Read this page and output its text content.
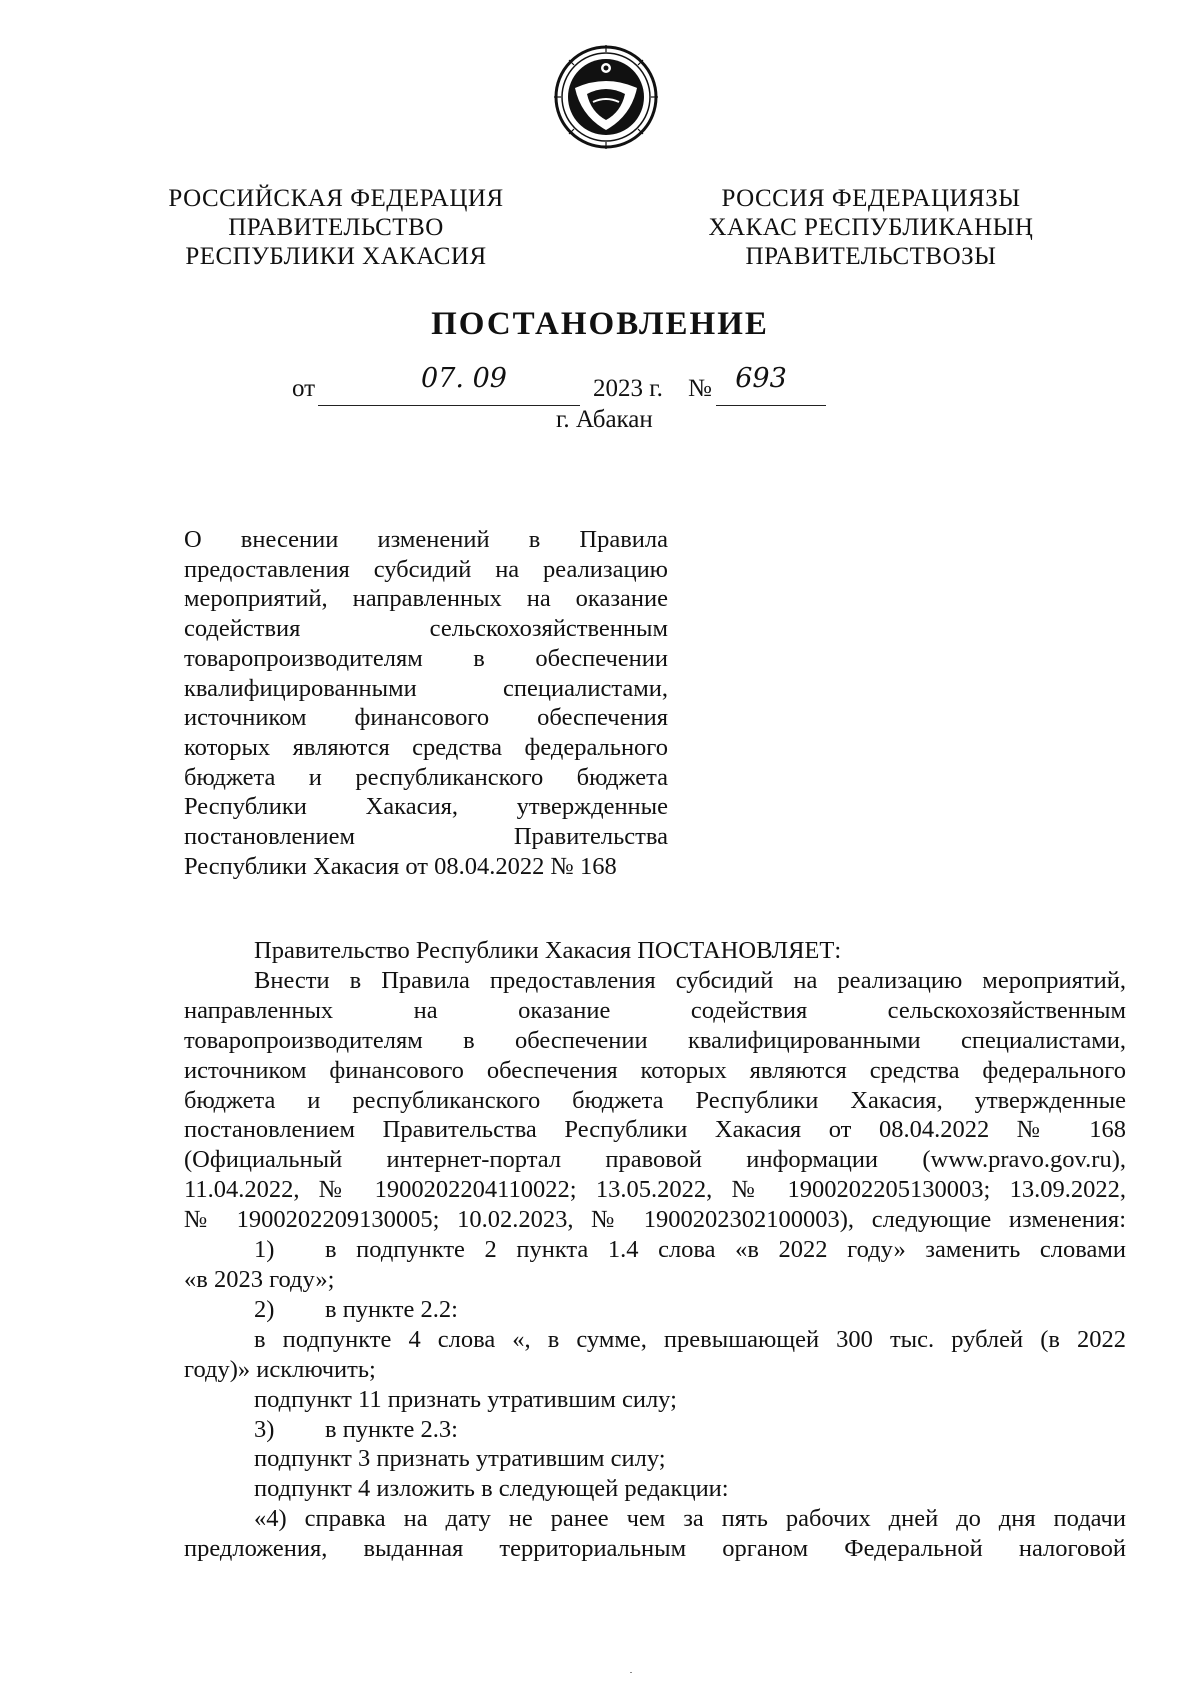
РОССИЙСКАЯ ФЕДЕРАЦИЯ
ПРАВИТЕЛЬСТВО
РЕСПУБЛИКИ ХАКАСИЯ
РОССИЯ ФЕДЕРАЦИЯЗЫ
ХАКАС РЕСПУБЛИКАНЫҢ
ПРАВИТЕЛЬСТВОЗЫ
ПОСТАНОВЛЕНИЕ
от	07. 09	2023 г. № 693
г. Абакан
О внесении изменений в Правила
предоставления субсидий на реализацию
мероприятий, направленных на оказание
содействия сельскохозяйственным
товаропроизводителям в обеспечении
квалифицированными специалистами,
источником финансового обеспечения
которых являются средства федерального
бюджета и республиканского бюджета
Республики Хакасия, утвержденные
постановлением Правительства
Республики Хакасия от 08.04.2022 № 168
Правительство Республики Хакасия ПОСТАНОВЛЯЕТ:
Внести в Правила предоставления субсидий на реализацию мероприятий,
направленных на оказание содействия сельскохозяйственным
товаропроизводителям в обеспечении квалифицированными специалистами,
источником финансового обеспечения которых являются средства федерального
бюджета и республиканского бюджета Республики Хакасия, утвержденные
постановлением Правительства Республики Хакасия от 08.04.2022 № 168
(Официальный интернет-портал правовой информации (www.pravo.gov.ru),
11.04.2022, № 1900202204110022; 13.05.2022, № 1900202205130003; 13.09.2022,
№ 1900202209130005; 10.02.2023, № 1900202302100003), следующие изменения:
1) в подпункте 2 пункта 1.4 слова «в 2022 году» заменить словами
«в 2023 году»;
2) в пункте 2.2:
в подпункте 4 слова «, в сумме, превышающей 300 тыс. рублей (в 2022
году)» исключить;
подпункт 11 признать утратившим силу;
3) в пункте 2.3:
подпункт 3 признать утратившим силу;
подпункт 4 изложить в следующей редакции:
«4) справка на дату не ранее чем за пять рабочих дней до дня подачи
предложения, выданная территориальным органом Федеральной налоговой
